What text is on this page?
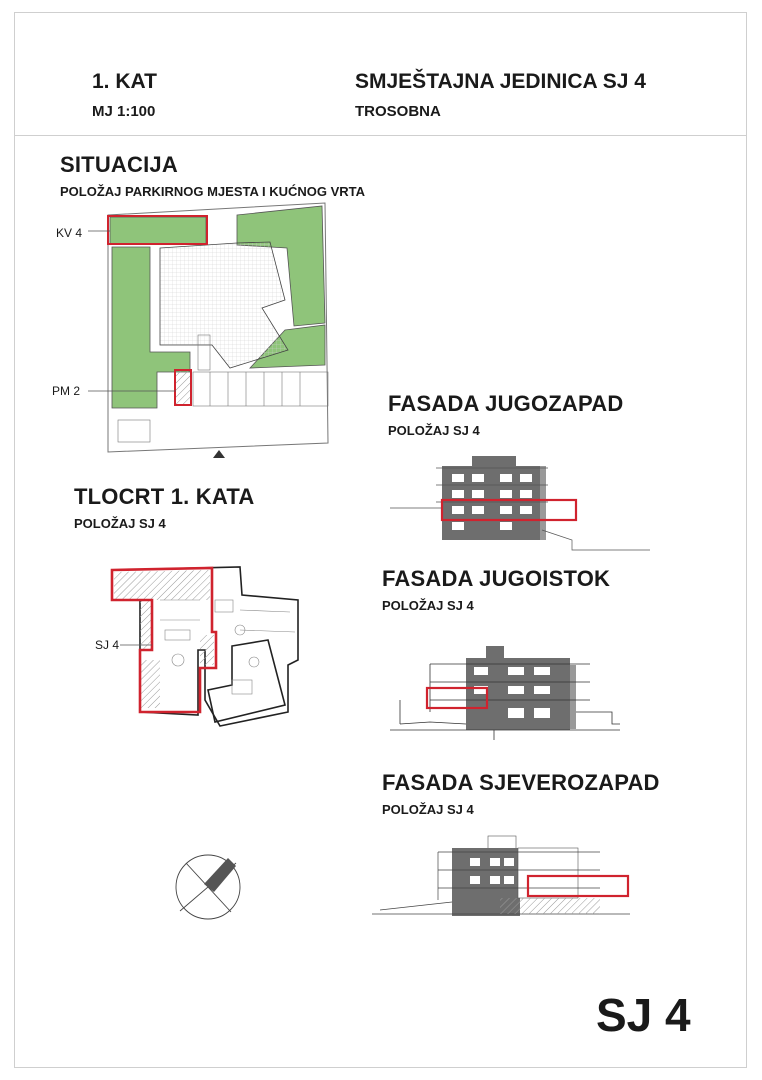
1. KAT
MJ 1:100
SMJEŠTAJNA JEDINICA SJ 4
TROSOBNA
SITUACIJA
POLOŽAJ PARKIRNOG MJESTA I KUĆNOG VRTA
KV 4
PM 2
TLOCRT 1. KATA
POLOŽAJ SJ 4
SJ 4
FASADA JUGOZAPAD
POLOŽAJ SJ 4
FASADA JUGOISTOK
POLOŽAJ SJ 4
FASADA SJEVEROZAPAD
POLOŽAJ SJ 4
SJ 4
